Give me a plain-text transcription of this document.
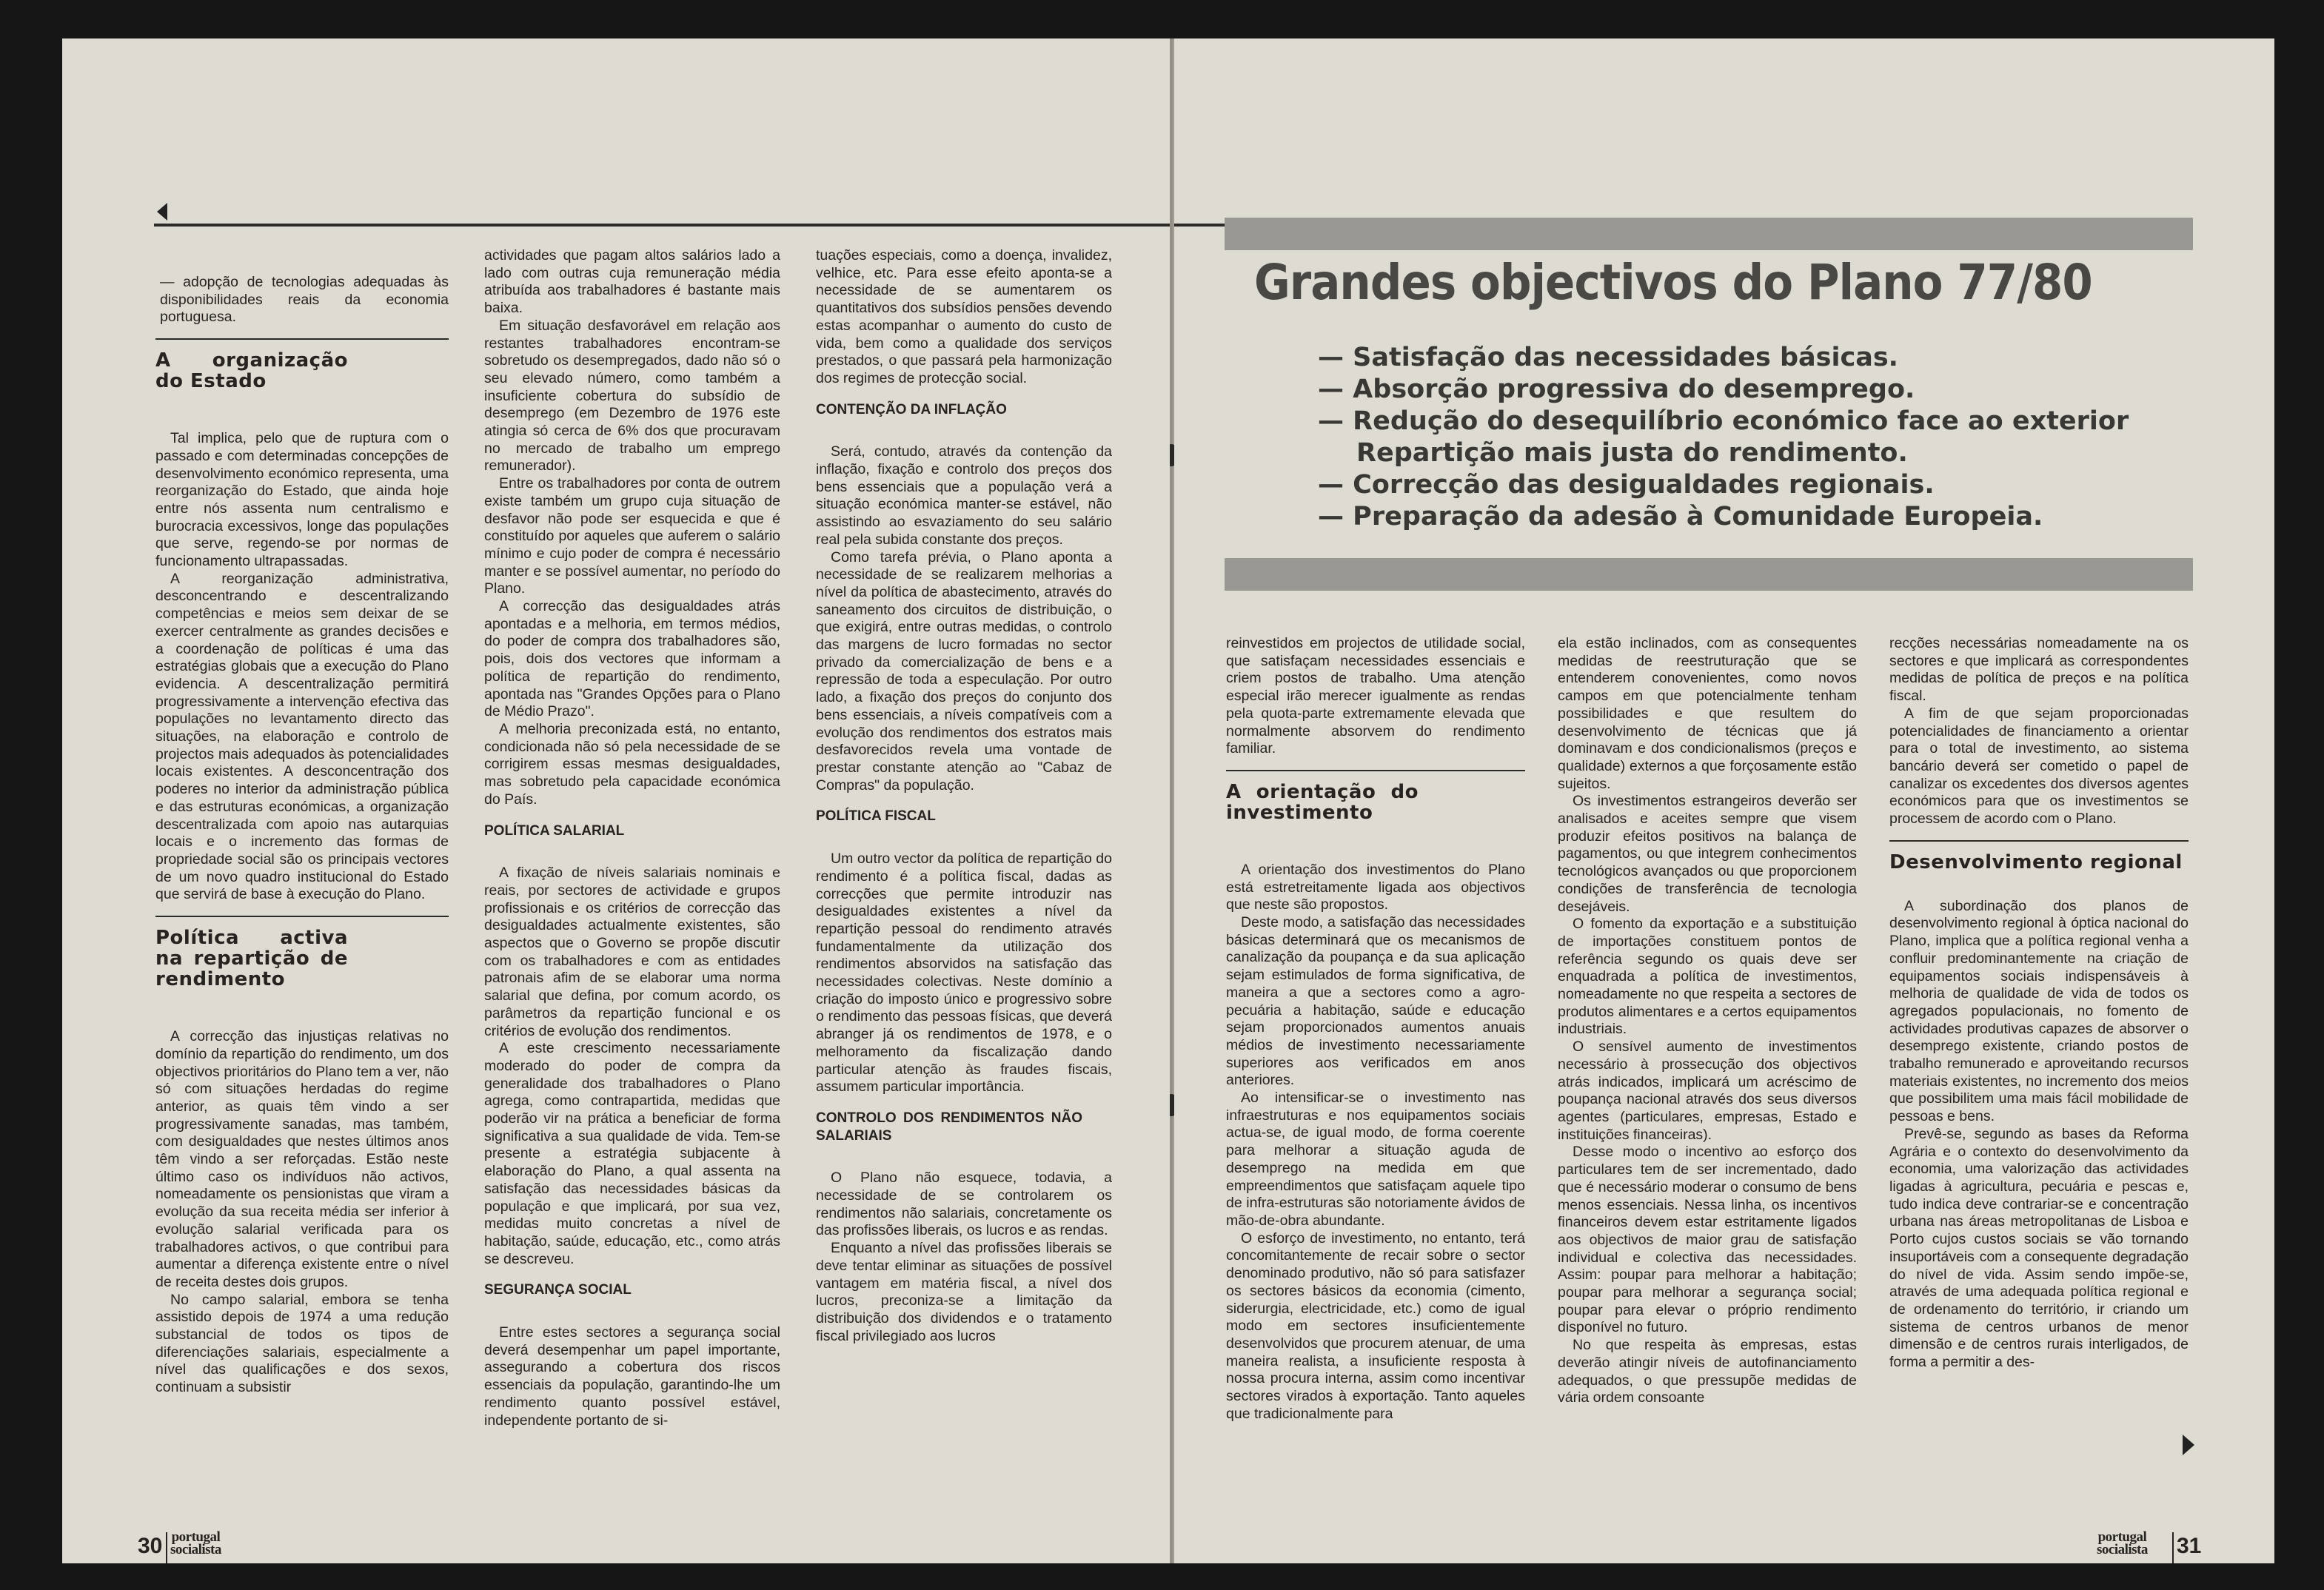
— adopção de tecnologias adequadas às disponibilidades reais da economia portuguesa.

A organização do Estado

Tal implica, pelo que de ruptura com o passado e com determinadas concepções de desenvolvimento económico representa, uma reorganização do Estado, que ainda hoje entre nós assenta num centralismo e burocracia excessivos, longe das populações que serve, regendo-se por normas de funcionamento ultrapassadas.

A reorganização administrativa, desconcentrando e descentralizando competências e meios sem deixar de se exercer centralmente as grandes decisões e a coordenação de políticas é uma das estratégias globais que a execução do Plano evidencia. A descentralização permitirá progressivamente a intervenção efectiva das populações no levantamento directo das situações, na elaboração e controlo de projectos mais adequados às potencialidades locais existentes. A desconcentração dos poderes no interior da administração pública e das estruturas económicas, a organização descentralizada com apoio nas autarquias locais e o incremento das formas de propriedade social são os principais vectores de um novo quadro institucional do Estado que servirá de base à execução do Plano.

Política activa na repartição de rendimento

A correcção das injustiças relativas no domínio da repartição do rendimento, um dos objectivos prioritários do Plano tem a ver, não só com situações herdadas do regime anterior, as quais têm vindo a ser progressivamente sanadas, mas também, com desigualdades que nestes últimos anos têm vindo a ser reforçadas. Estão neste último caso os indivíduos não activos, nomeadamente os pensionistas que viram a evolução da sua receita média ser inferior à evolução salarial verificada para os trabalhadores activos, o que contribui para aumentar a diferença existente entre o nível de receita destes dois grupos.

No campo salarial, embora se tenha assistido depois de 1974 a uma redução substancial de todos os tipos de diferenciações salariais, especialmente a nível das qualificações e dos sexos, continuam a subsistir

actividades que pagam altos salários lado a lado com outras cuja remuneração média atribuída aos trabalhadores é bastante mais baixa.

Em situação desfavorável em relação aos restantes trabalhadores encontram-se sobretudo os desempregados, dado não só o seu elevado número, como também a insuficiente cobertura do subsídio de desemprego (em Dezembro de 1976 este atingia só cerca de 6% dos que procuravam no mercado de trabalho um emprego remunerador).

Entre os trabalhadores por conta de outrem existe também um grupo cuja situação de desfavor não pode ser esquecida e que é constituído por aqueles que auferem o salário mínimo e cujo poder de compra é necessário manter e se possível aumentar, no período do Plano.

A correcção das desigualdades atrás apontadas e a melhoria, em termos médios, do poder de compra dos trabalhadores são, pois, dois dos vectores que informam a política de repartição do rendimento, apontada nas "Grandes Opções para o Plano de Médio Prazo".

A melhoria preconizada está, no entanto, condicionada não só pela necessidade de se corrigirem essas mesmas desigualdades, mas sobretudo pela capacidade económica do País.

POLÍTICA SALARIAL

A fixação de níveis salariais nominais e reais, por sectores de actividade e grupos profissionais e os critérios de correcção das desigualdades actualmente existentes, são aspectos que o Governo se propõe discutir com os trabalhadores e com as entidades patronais afim de se elaborar uma norma salarial que defina, por comum acordo, os parâmetros da repartição funcional e os critérios de evolução dos rendimentos.

A este crescimento necessariamente moderado do poder de compra da generalidade dos trabalhadores o Plano agrega, como contrapartida, medidas que poderão vir na prática a beneficiar de forma significativa a sua qualidade de vida. Tem-se presente a estratégia subjacente à elaboração do Plano, a qual assenta na satisfação das necessidades básicas da população e que implicará, por sua vez, medidas muito concretas a nível de habitação, saúde, educação, etc., como atrás se descreveu.

SEGURANÇA SOCIAL

Entre estes sectores a segurança social deverá desempenhar um papel importante, assegurando a cobertura dos riscos essenciais da população, garantindo-lhe um rendimento quanto possível estável, independente portanto de si-

tuações especiais, como a doença, invalidez, velhice, etc. Para esse efeito aponta-se a necessidade de se aumentarem os quantitativos dos subsídios pensões devendo estas acompanhar o aumento do custo de vida, bem como a qualidade dos serviços prestados, o que passará pela harmonização dos regimes de protecção social.

CONTENÇÃO DA INFLAÇÃO

Será, contudo, através da contenção da inflação, fixação e controlo dos preços dos bens essenciais que a população verá a situação económica manter-se estável, não assistindo ao esvaziamento do seu salário real pela subida constante dos preços.

Como tarefa prévia, o Plano aponta a necessidade de se realizarem melhorias a nível da política de abastecimento, através do saneamento dos circuitos de distribuição, o que exigirá, entre outras medidas, o controlo das margens de lucro formadas no sector privado da comercialização de bens e a repressão de toda a especulação. Por outro lado, a fixação dos preços do conjunto dos bens essenciais, a níveis compatíveis com a evolução dos rendimentos dos estratos mais desfavorecidos revela uma vontade de prestar constante atenção ao "Cabaz de Compras" da população.

POLÍTICA FISCAL

Um outro vector da política de repartição do rendimento é a política fiscal, dadas as correcções que permite introduzir nas desigualdades existentes a nível da repartição pessoal do rendimento através fundamentalmente da utilização dos rendimentos absorvidos na satisfação das necessidades colectivas. Neste domínio a criação do imposto único e progressivo sobre o rendimento das pessoas físicas, que deverá abranger já os rendimentos de 1978, e o melhoramento da fiscalização dando particular atenção às fraudes fiscais, assumem particular importância.

CONTROLO DOS RENDIMENTOS NÃO SALARIAIS

O Plano não esquece, todavia, a necessidade de se controlarem os rendimentos não salariais, concretamente os das profissões liberais, os lucros e as rendas.

Enquanto a nível das profissões liberais se deve tentar eliminar as situações de possível vantagem em matéria fiscal, a nível dos lucros, preconiza-se a limitação da distribuição dos dividendos e o tratamento fiscal privilegiado aos lucros

30 portugal
socialista
Grandes objectivos do Plano 77/80
— Satisfação das necessidades básicas.
— Absorção progressiva do desemprego.
— Redução do desequilíbrio económico face ao exterior
Repartição mais justa do rendimento.
— Correcção das desigualdades regionais.
— Preparação da adesão à Comunidade Europeia.

reinvestidos em projectos de utilidade social, que satisfaçam necessidades essenciais e criem postos de trabalho. Uma atenção especial irão merecer igualmente as rendas pela quota-parte extremamente elevada que normalmente absorvem do rendimento familiar.

A orientação do investimento

A orientação dos investimentos do Plano está estretreitamente ligada aos objectivos que neste são propostos.

Deste modo, a satisfação das necessidades básicas determinará que os mecanismos de canalização da poupança e da sua aplicação sejam estimulados de forma significativa, de maneira a que a sectores como a agro-pecuária a habitação, saúde e educação sejam proporcionados aumentos anuais médios de investimento necessariamente superiores aos verificados em anos anteriores.

Ao intensificar-se o investimento nas infraestruturas e nos equipamentos sociais actua-se, de igual modo, de forma coerente para melhorar a situação aguda de desemprego na medida em que empreendimentos que satisfaçam aquele tipo de infra-estruturas são notoriamente ávidos de mão-de-obra abundante.

O esforço de investimento, no entanto, terá concomitantemente de recair sobre o sector denominado produtivo, não só para satisfazer os sectores básicos da economia (cimento, siderurgia, electricidade, etc.) como de igual modo em sectores insuficientemente desenvolvidos que procurem atenuar, de uma maneira realista, a insuficiente resposta à nossa procura interna, assim como incentivar sectores virados à exportação. Tanto aqueles que tradicionalmente para

ela estão inclinados, com as consequentes medidas de reestruturação que se entenderem conovenientes, como novos campos em que potencialmente tenham possibilidades e que resultem do desenvolvimento de técnicas que já dominavam e dos condicionalismos (preços e qualidade) externos a que forçosamente estão sujeitos.

Os investimentos estrangeiros deverão ser analisados e aceites sempre que visem produzir efeitos positivos na balança de pagamentos, ou que integrem conhecimentos tecnológicos avançados ou que proporcionem condições de transferência de tecnologia desejáveis.

O fomento da exportação e a substituição de importações constituem pontos de referência segundo os quais deve ser enquadrada a política de investimentos, nomeadamente no que respeita a sectores de produtos alimentares e a certos equipamentos industriais.

O sensível aumento de investimentos necessário à prossecução dos objectivos atrás indicados, implicará um acréscimo de poupança nacional através dos seus diversos agentes (particulares, empresas, Estado e instituições financeiras).

Desse modo o incentivo ao esforço dos particulares tem de ser incrementado, dado que é necessário moderar o consumo de bens menos essenciais. Nessa linha, os incentivos financeiros devem estar estritamente ligados aos objectivos de maior grau de satisfação individual e colectiva das necessidades. Assim: poupar para melhorar a habitação; poupar para melhorar a segurança social; poupar para elevar o próprio rendimento disponível no futuro.

No que respeita às empresas, estas deverão atingir níveis de autofinanciamento adequados, o que pressupõe medidas de vária ordem consoante

recções necessárias nomeadamente na os sectores e que implicará as correspondentes medidas de política de preços e na política fiscal.

A fim de que sejam proporcionadas potencialidades de financiamento a orientar para o total de investimento, ao sistema bancário deverá ser cometido o papel de canalizar os excedentes dos diversos agentes económicos para que os investimentos se processem de acordo com o Plano.

Desenvolvimento regional

A subordinação dos planos de desenvolvimento regional à óptica nacional do Plano, implica que a política regional venha a confluir predominantemente na criação de equipamentos sociais indispensáveis à melhoria de qualidade de vida de todos os agregados populacionais, no fomento de actividades produtivas capazes de absorver o desemprego existente, criando postos de trabalho remunerado e aproveitando recursos materiais existentes, no incremento dos meios que possibilitem uma mais fácil mobilidade de pessoas e bens.

Prevê-se, segundo as bases da Reforma Agrária e o contexto do desenvolvimento da economia, uma valorização das actividades ligadas à agricultura, pecuária e pescas e, tudo indica deve contrariar-se e concentração urbana nas áreas metropolitanas de Lisboa e Porto cujos custos sociais se vão tornando insuportáveis com a consequente degradação do nível de vida. Assim sendo impõe-se, através de uma adequada política regional e de ordenamento do território, ir criando um sistema de centros urbanos de menor dimensão e de centros rurais interligados, de forma a permitir a des-

portugal
socialista 31
